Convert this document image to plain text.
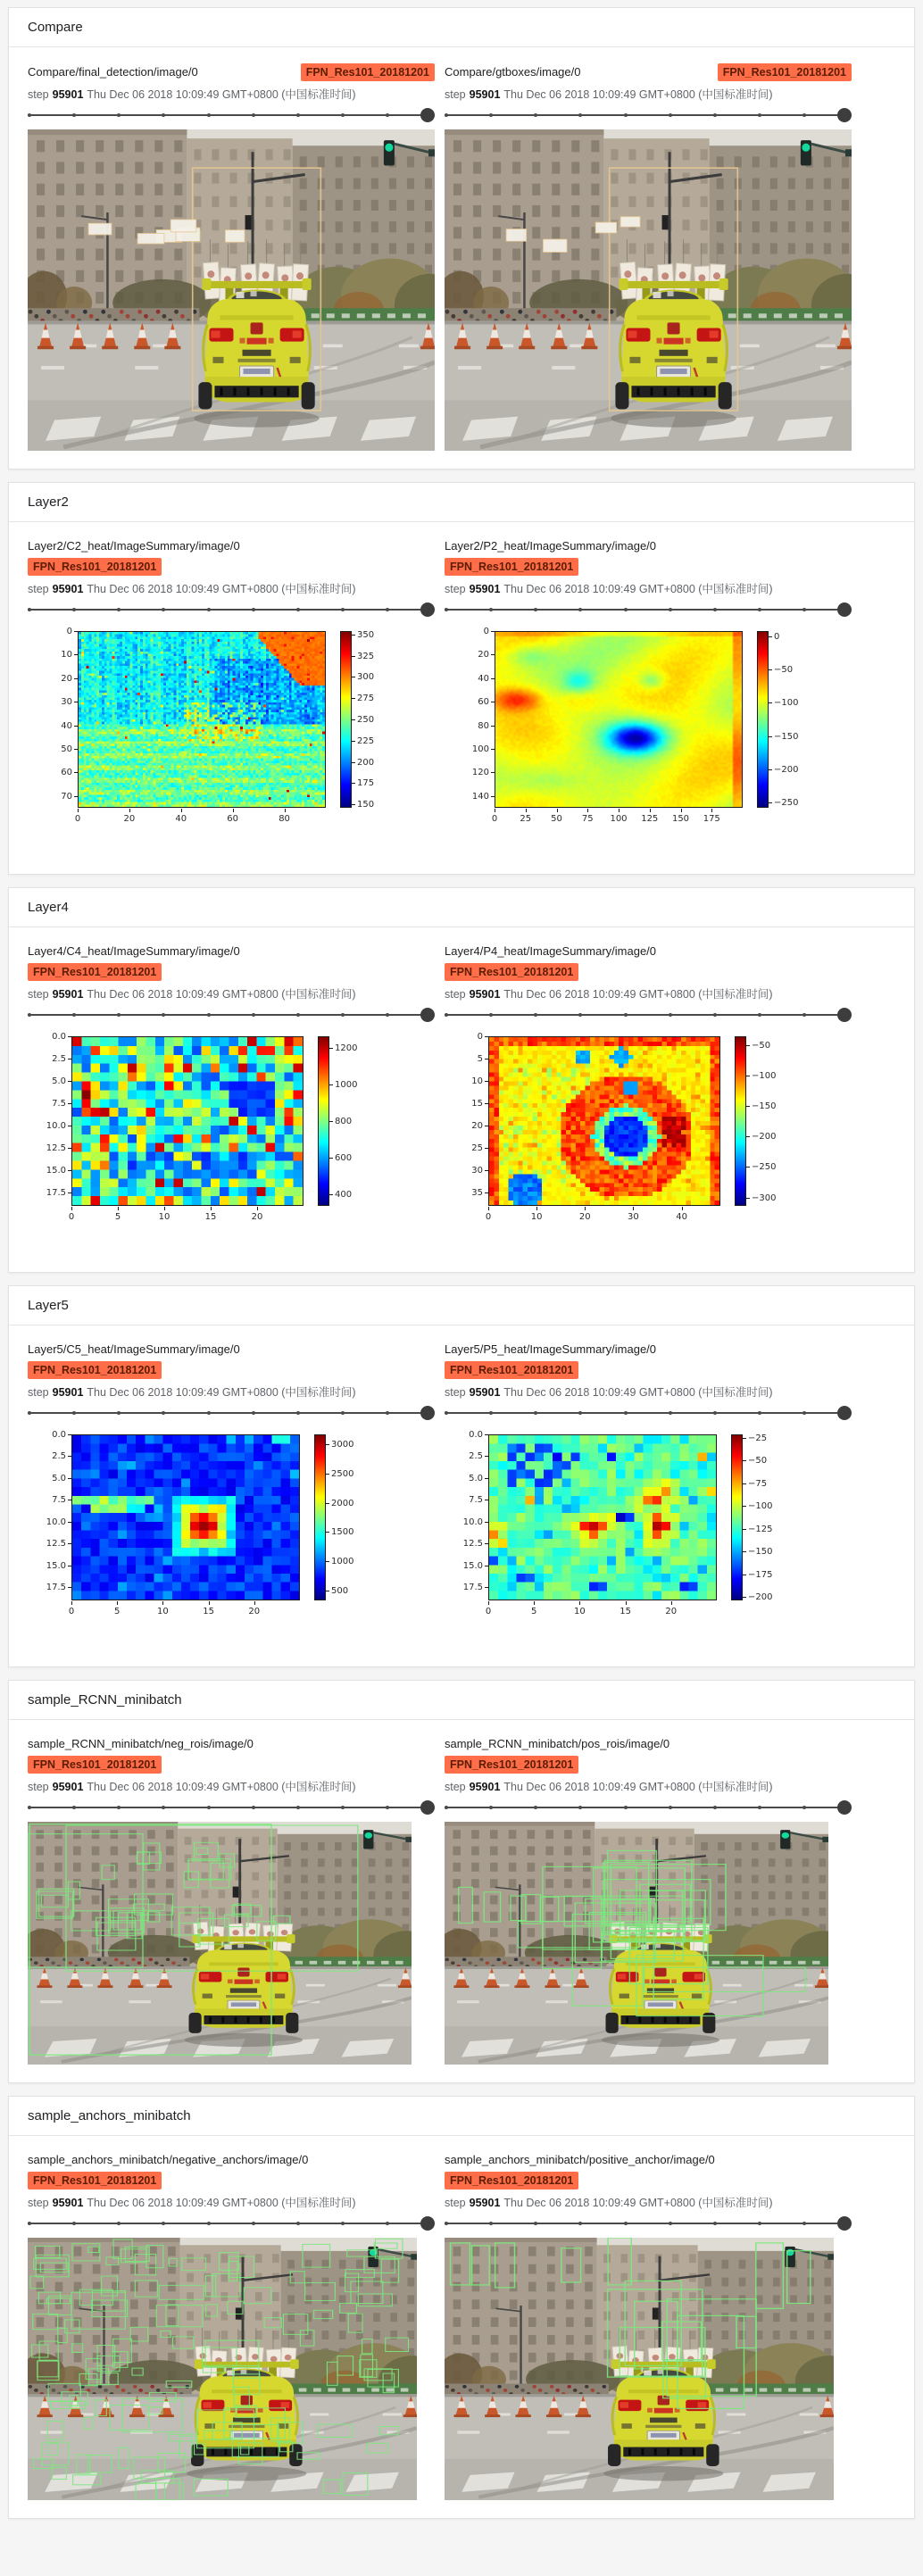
Compare
Compare/final_detection/image/0	FPN_Res101_20181201
step 95901 Thu Dec 06 2018 10:09:49 GMT+0800 (中国标准时间)
Compare/gtboxes/image/0	FPN_Res101_20181201
step 95901 Thu Dec 06 2018 10:09:49 GMT+0800 (中国标准时间)
Layer2
Layer2/C2_heat/ImageSummary/image/0
FPN_Res101_20181201
step 95901 Thu Dec 06 2018 10:09:49 GMT+0800 (中国标准时间)
0
10
20
30
40
50
60
70
0	20	40	60	80
350
325
300
275
250
225
200
175
150
Layer2/P2_heat/ImageSummary/image/0
FPN_Res101_20181201
step 95901 Thu Dec 06 2018 10:09:49 GMT+0800 (中国标准时间)
0
20
40
60
80
100
120
140
0	25 50 75 100 125 150 175
0
−50
−100
−150
−200
−250
Layer4
Layer4/C4_heat/ImageSummary/image/0
FPN_Res101_20181201
step 95901 Thu Dec 06 2018 10:09:49 GMT+0800 (中国标准时间)
0.0
2.5
5.0
7.5
10.0
12.5
15.0
17.5
0	5	10	15	20
1200
1000
800
600
400
Layer4/P4_heat/ImageSummary/image/0
FPN_Res101_20181201
step 95901 Thu Dec 06 2018 10:09:49 GMT+0800 (中国标准时间)
0
5
10
15
20
25
30
35
0	10	20	30	40
−50
−100
−150
−200
−250
−300
Layer5
Layer5/C5_heat/ImageSummary/image/0
FPN_Res101_20181201
step 95901 Thu Dec 06 2018 10:09:49 GMT+0800 (中国标准时间)
0.0
2.5
5.0
7.5
10.0
12.5
15.0
17.5
0	5	10	15	20
3000
2500
2000
1500
1000
500
Layer5/P5_heat/ImageSummary/image/0
FPN_Res101_20181201
step 95901 Thu Dec 06 2018 10:09:49 GMT+0800 (中国标准时间)
0.0
2.5
5.0
7.5
10.0
12.5
15.0
17.5
0	5	10	15	20
−25
−50
−75
−100
−125
−150
−175
−200
sample_RCNN_minibatch
sample_RCNN_minibatch/neg_rois/image/0
FPN_Res101_20181201
step 95901 Thu Dec 06 2018 10:09:49 GMT+0800 (中国标准时间)
sample_RCNN_minibatch/pos_rois/image/0
FPN_Res101_20181201
step 95901 Thu Dec 06 2018 10:09:49 GMT+0800 (中国标准时间)
sample_anchors_minibatch
sample_anchors_minibatch/negative_anchors/image/0
FPN_Res101_20181201
step 95901 Thu Dec 06 2018 10:09:49 GMT+0800 (中国标准时间)
sample_anchors_minibatch/positive_anchor/image/0
FPN_Res101_20181201
step 95901 Thu Dec 06 2018 10:09:49 GMT+0800 (中国标准时间)
